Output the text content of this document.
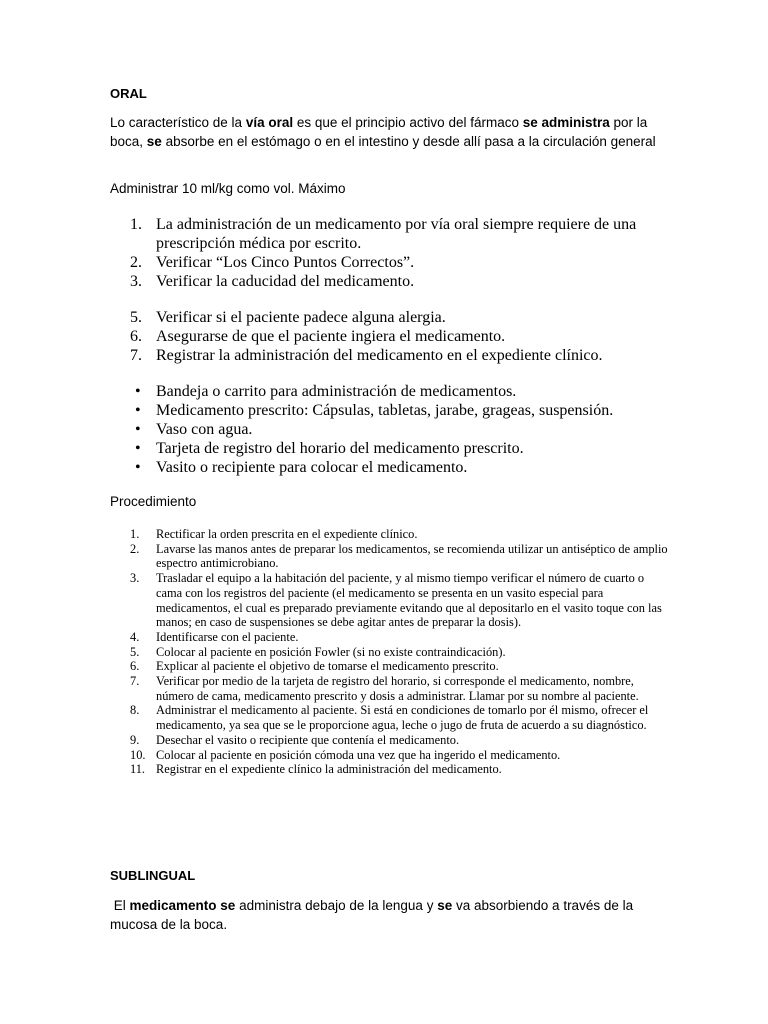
ORAL
Lo característico de la vía oral es que el principio activo del fármaco se administra por la boca, se absorbe en el estómago o en el intestino y desde allí pasa a la circulación general
Administrar 10 ml/kg como vol. Máximo
1. La administración de un medicamento por vía oral siempre requiere de una prescripción médica por escrito.
2. Verificar “Los Cinco Puntos Correctos”.
3. Verificar la caducidad del medicamento.
5. Verificar si el paciente padece alguna alergia.
6. Asegurarse de que el paciente ingiera el medicamento.
7. Registrar la administración del medicamento en el expediente clínico.
• Bandeja o carrito para administración de medicamentos.
• Medicamento prescrito: Cápsulas, tabletas, jarabe, grageas, suspensión.
• Vaso con agua.
• Tarjeta de registro del horario del medicamento prescrito.
• Vasito o recipiente para colocar el medicamento.
Procedimiento
1.	Rectificar la orden prescrita en el expediente clínico.
2.	Lavarse las manos antes de preparar los medicamentos, se recomienda utilizar un antiséptico de amplio espectro antimicrobiano.
3.	Trasladar el equipo a la habitación del paciente, y al mismo tiempo verificar el número de cuarto o cama con los registros del paciente (el medicamento se presenta en un vasito especial para medicamentos, el cual es preparado previamente evitando que al depositarlo en el vasito toque con las manos; en caso de suspensiones se debe agitar antes de preparar la dosis).
4.	Identificarse con el paciente.
5.	Colocar al paciente en posición Fowler (si no existe contraindicación).
6.	Explicar al paciente el objetivo de tomarse el medicamento prescrito.
7.	Verificar por medio de la tarjeta de registro del horario, si corresponde el medicamento, nombre, número de cama, medicamento prescrito y dosis a administrar. Llamar por su nombre al paciente.
8.	Administrar el medicamento al paciente. Si está en condiciones de tomarlo por él mismo, ofrecer el medicamento, ya sea que se le proporcione agua, leche o jugo de fruta de acuerdo a su diagnóstico.
9.	Desechar el vasito o recipiente que contenía el medicamento.
10. Colocar al paciente en posición cómoda una vez que ha ingerido el medicamento.
11. Registrar en el expediente clínico la administración del medicamento.
SUBLINGUAL
El medicamento se administra debajo de la lengua y se va absorbiendo a través de la mucosa de la boca.
